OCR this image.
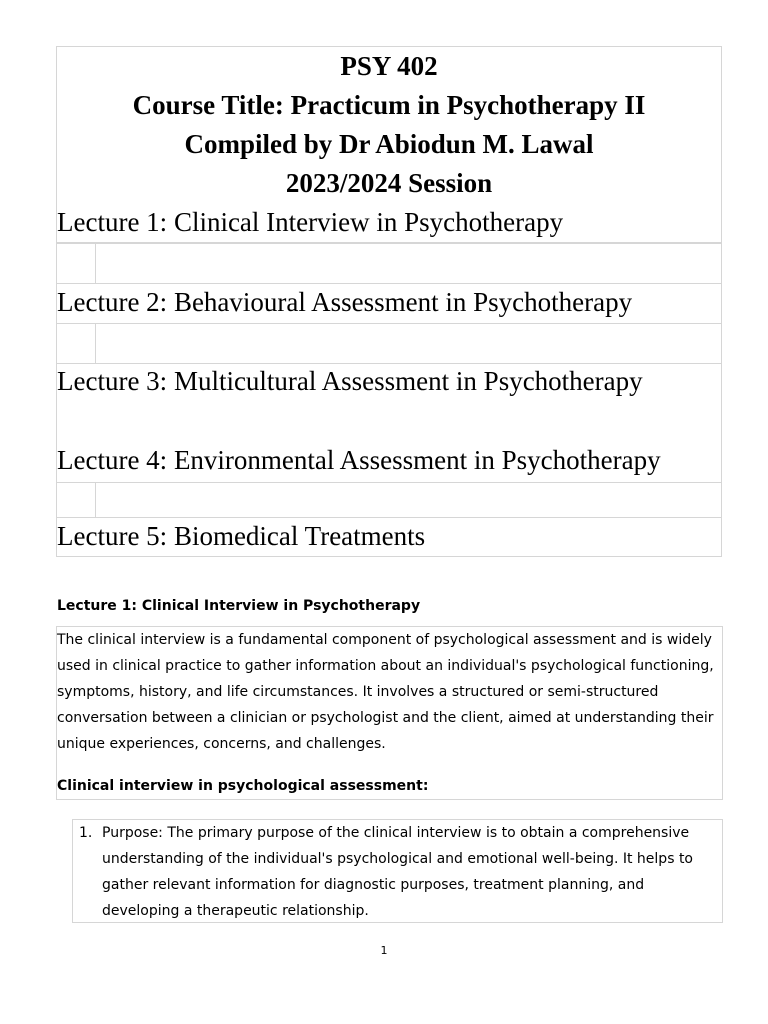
PSY 402
Course Title: Practicum in Psychotherapy II
Compiled by Dr Abiodun M. Lawal
2023/2024 Session
Lecture 1: Clinical Interview in Psychotherapy
Lecture 2: Behavioural Assessment in Psychotherapy
Lecture 3: Multicultural Assessment in Psychotherapy
Lecture 4: Environmental Assessment in Psychotherapy
Lecture 5: Biomedical Treatments
Lecture 1: Clinical Interview in Psychotherapy

The clinical interview is a fundamental component of psychological assessment and is widely used in clinical practice to gather information about an individual's psychological functioning, symptoms, history, and life circumstances. It involves a structured or semi-structured conversation between a clinician or psychologist and the client, aimed at understanding their unique experiences, concerns, and challenges.

Clinical interview in psychological assessment:
1. Purpose: The primary purpose of the clinical interview is to obtain a comprehensive understanding of the individual's psychological and emotional well-being. It helps to gather relevant information for diagnostic purposes, treatment planning, and developing a therapeutic relationship.

1
